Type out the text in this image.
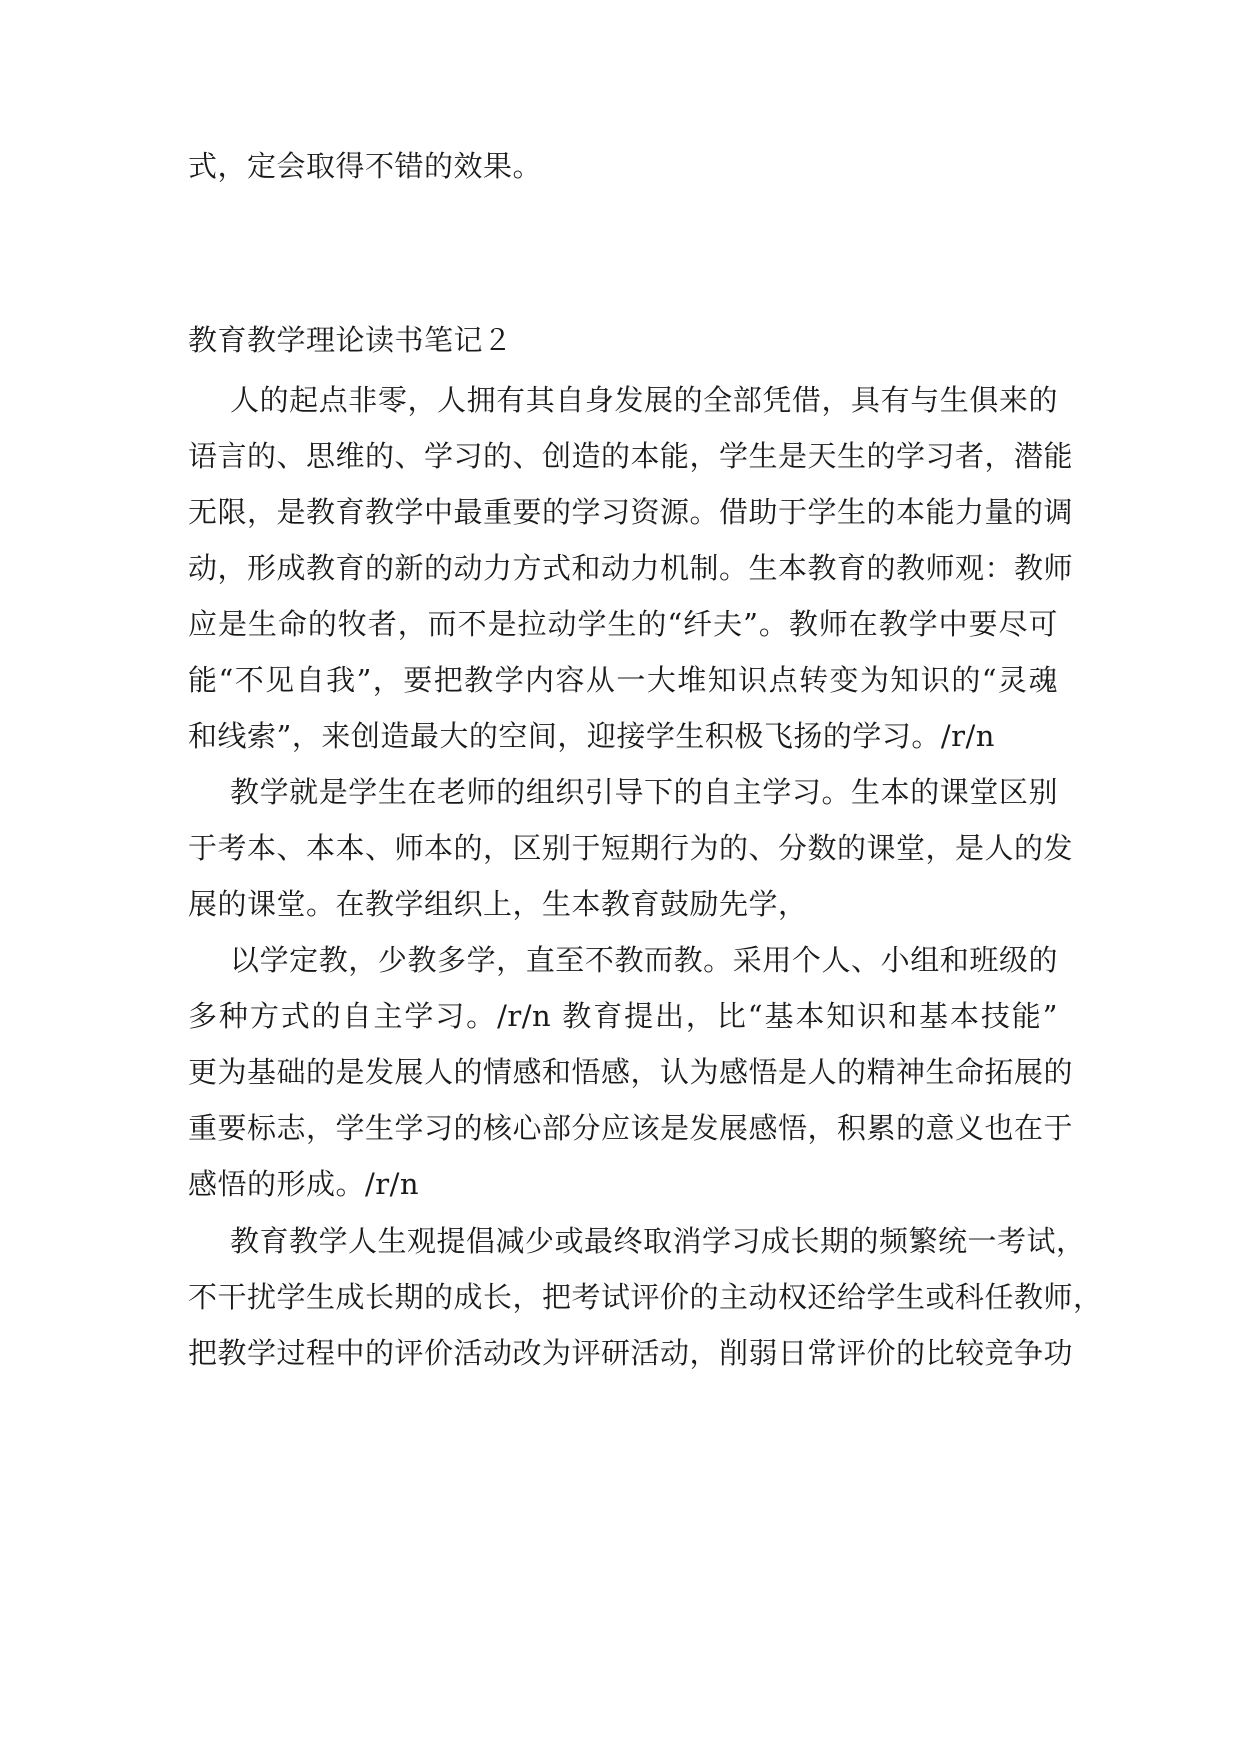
式，定会取得不错的效果。
教育教学理论读书笔记２
人的起点非零，人拥有其自身发展的全部凭借，具有与生俱来的
语言的、思维的、学习的、创造的本能，学生是天生的学习者，潜能
无限，是教育教学中最重要的学习资源。借助于学生的本能力量的调
动，形成教育的新的动力方式和动力机制。生本教育的教师观：教师
应是生命的牧者，而不是拉动学生的“纤夫”。教师在教学中要尽可
能“不见自我”，要把教学内容从一大堆知识点转变为知识的“灵魂
和线索”，来创造最大的空间，迎接学生积极飞扬的学习。/r/n
教学就是学生在老师的组织引导下的自主学习。生本的课堂区别
于考本、本本、师本的，区别于短期行为的、分数的课堂，是人的发
展的课堂。在教学组织上，生本教育鼓励先学，
以学定教，少教多学，直至不教而教。采用个人、小组和班级的
多种方式的自主学习。/r/n 教育提出，比“基本知识和基本技能”
更为基础的是发展人的情感和悟感，认为感悟是人的精神生命拓展的
重要标志，学生学习的核心部分应该是发展感悟，积累的意义也在于
感悟的形成。/r/n
教育教学人生观提倡减少或最终取消学习成长期的频繁统一考试，
不干扰学生成长期的成长，把考试评价的主动权还给学生或科任教师，
把教学过程中的评价活动改为评研活动，削弱日常评价的比较竞争功
